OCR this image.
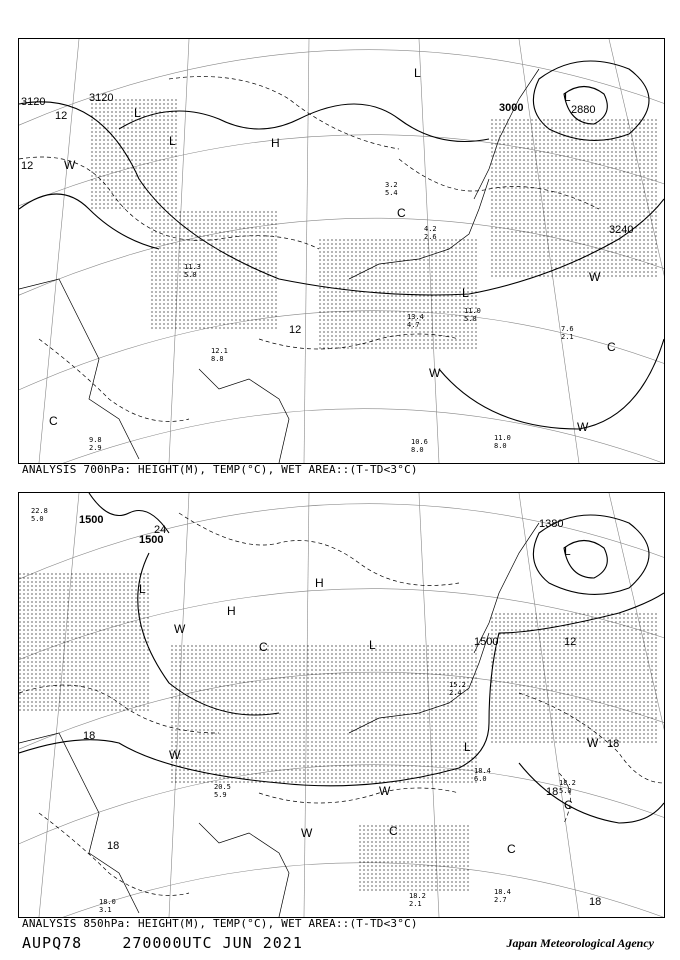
3120	3120
3000	2880
3240
12
12
12
L
L
L
L
H
W
W
W
W
C
C
C
L
11.3
5.0
12.1
8.8
11.0
5.0
7.6
2.1
10.6
8.0
11.0
8.0
9.8
2.9
4.2
2.6
3.2
5.4
13.4
4.7
ANALYSIS 700hPa: HEIGHT(M), TEMP(°C), WET AREA::(T-TD<3°C)
1500
1500
1380
1500
24
18
12
18
18
18
18
L
L
H
H
L
L
W
W
W
W
W
C
C
C
C
22.8
5.0
18.2
5.0
18.4
6.0
18.2
2.1
18.4
2.7
18.0
3.1
15.2
2.4
20.5
5.9
ANALYSIS 850hPa: HEIGHT(M), TEMP(°C), WET AREA::(T-TD<3°C)
AUPQ78	270000UTC JUN 2021	Japan Meteorological Agency
